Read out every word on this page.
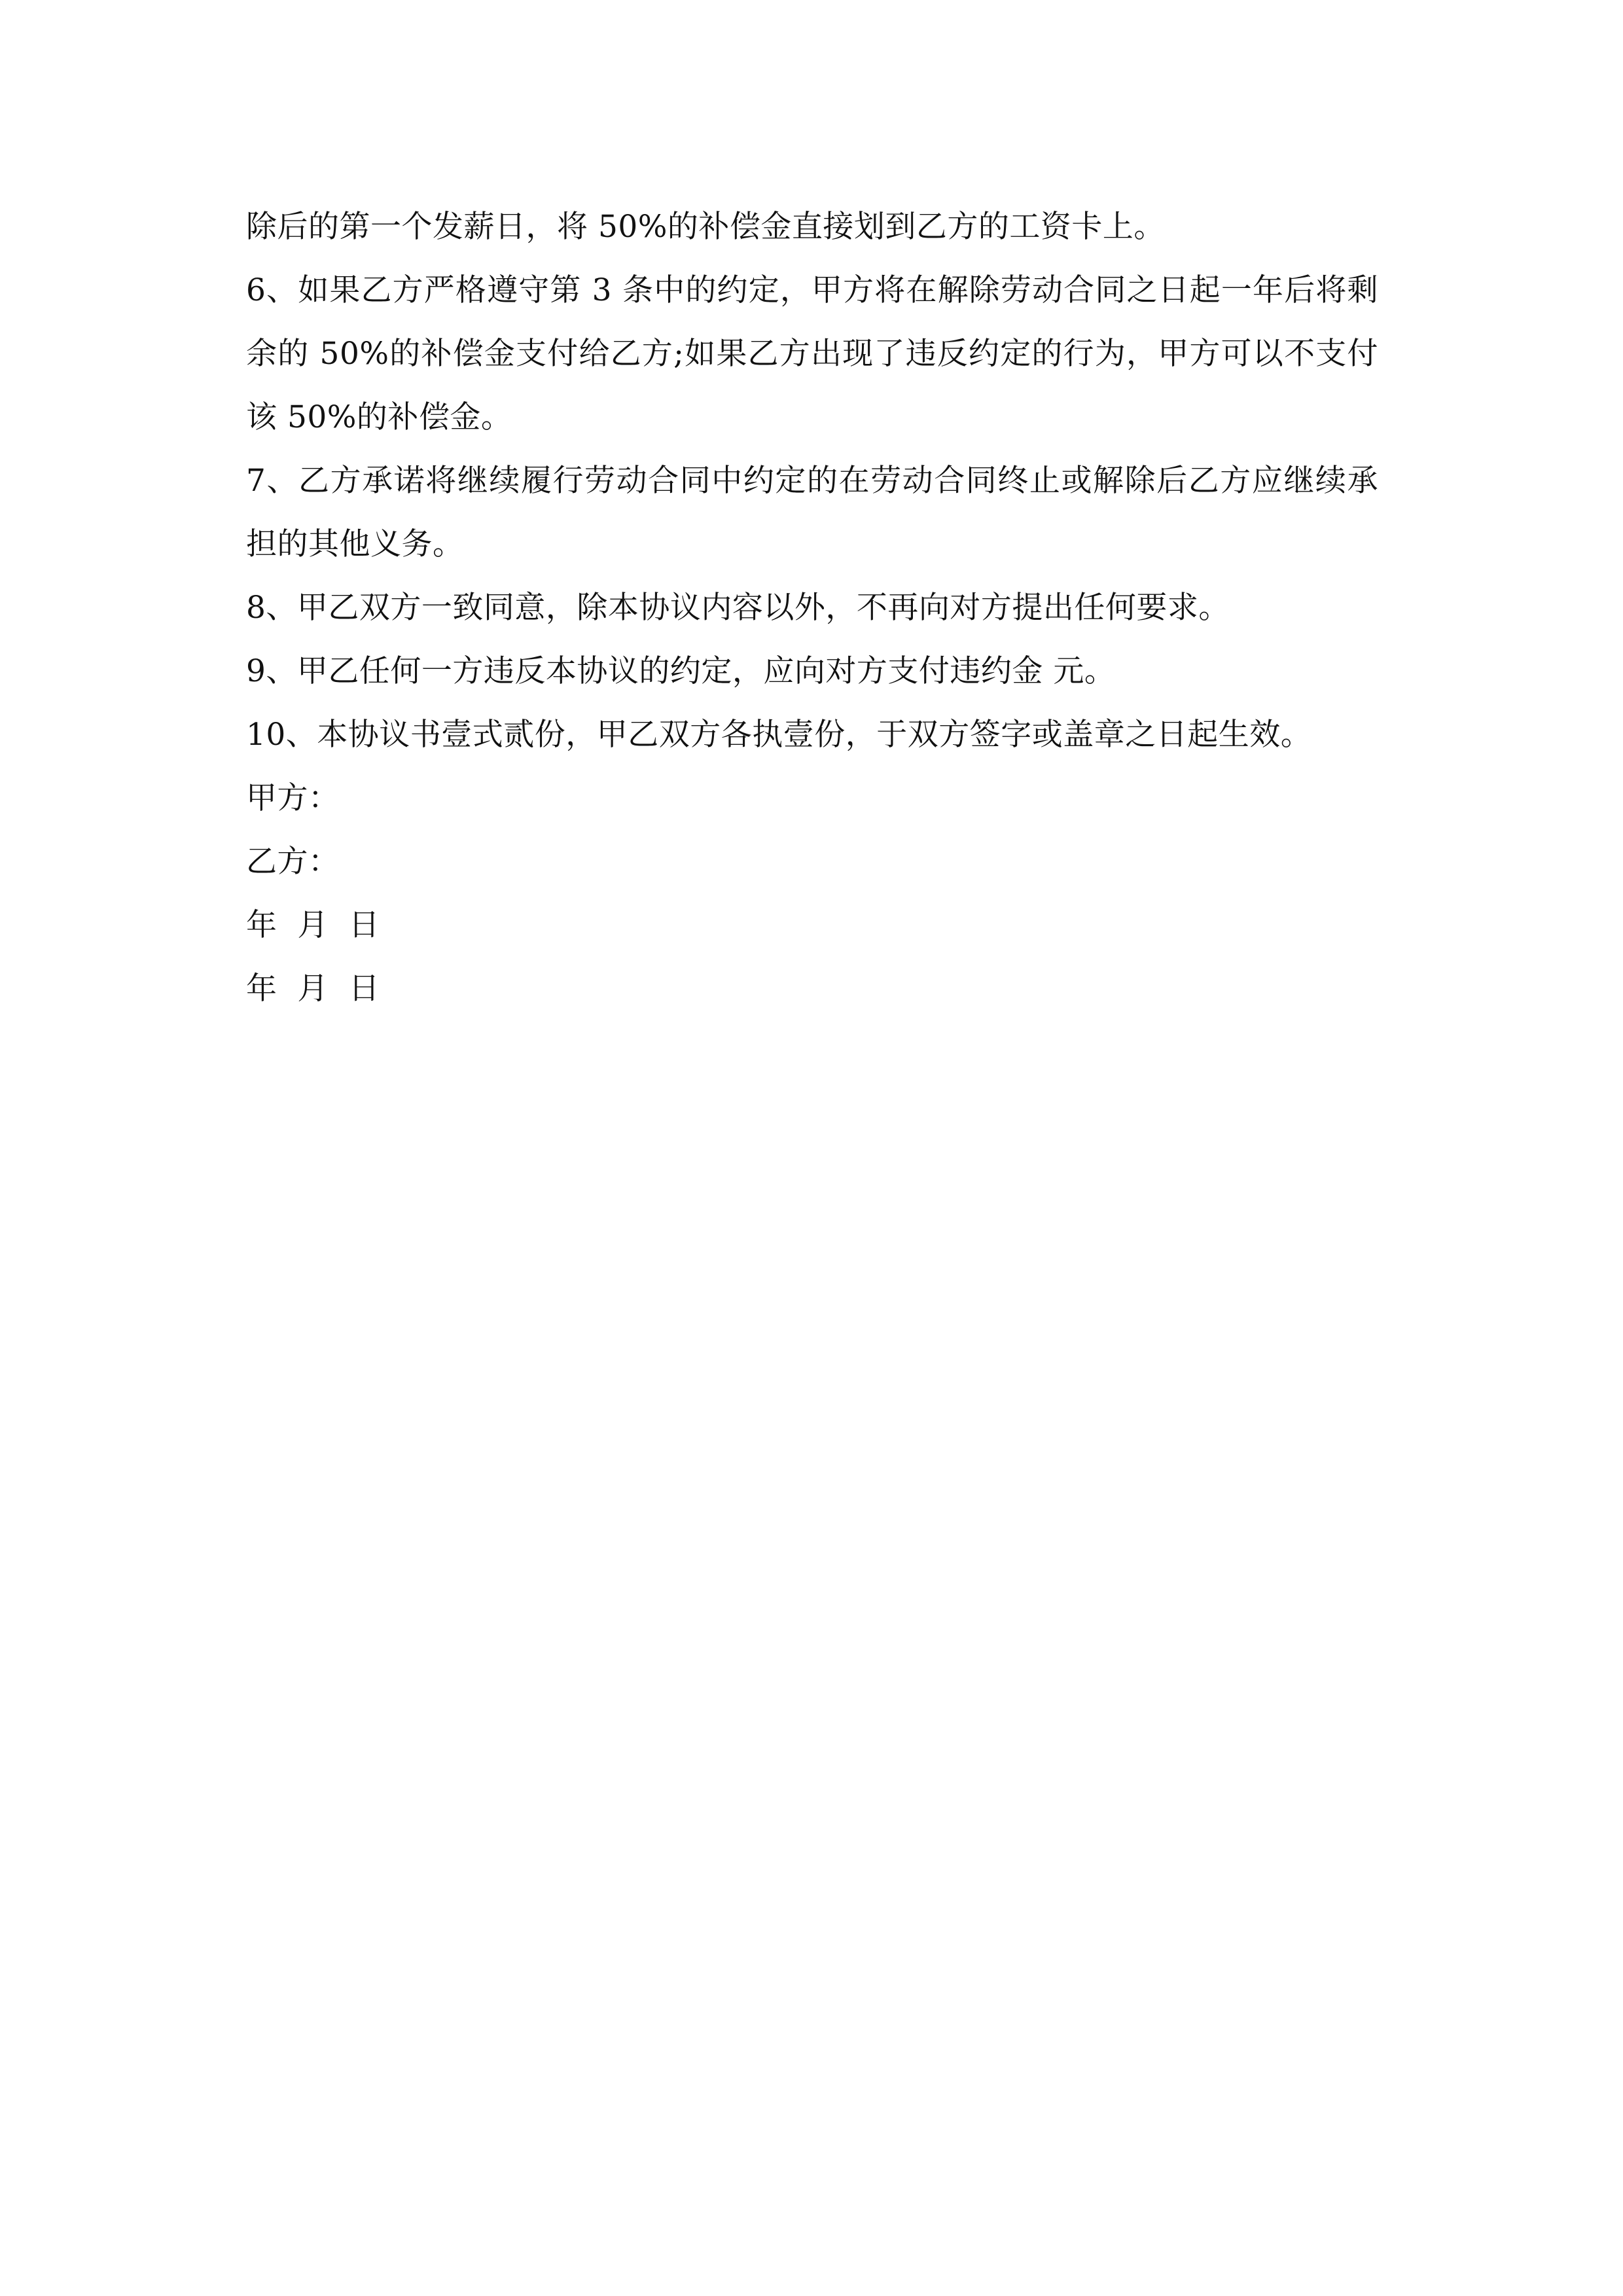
除后的第一个发薪日，将 50%的补偿金直接划到乙方的工资卡上。

6、如果乙方严格遵守第 3 条中的约定，甲方将在解除劳动合同之日起一年后将剩余的 50%的补偿金支付给乙方;如果乙方出现了违反约定的行为，甲方可以不支付该 50%的补偿金。

7、乙方承诺将继续履行劳动合同中约定的在劳动合同终止或解除后乙方应继续承担的其他义务。

8、甲乙双方一致同意，除本协议内容以外，不再向对方提出任何要求。

9、甲乙任何一方违反本协议的约定，应向对方支付违约金 元。

10、本协议书壹式贰份，甲乙双方各执壹份，于双方签字或盖章之日起生效。

甲方：

乙方：

年  月  日

年  月  日
